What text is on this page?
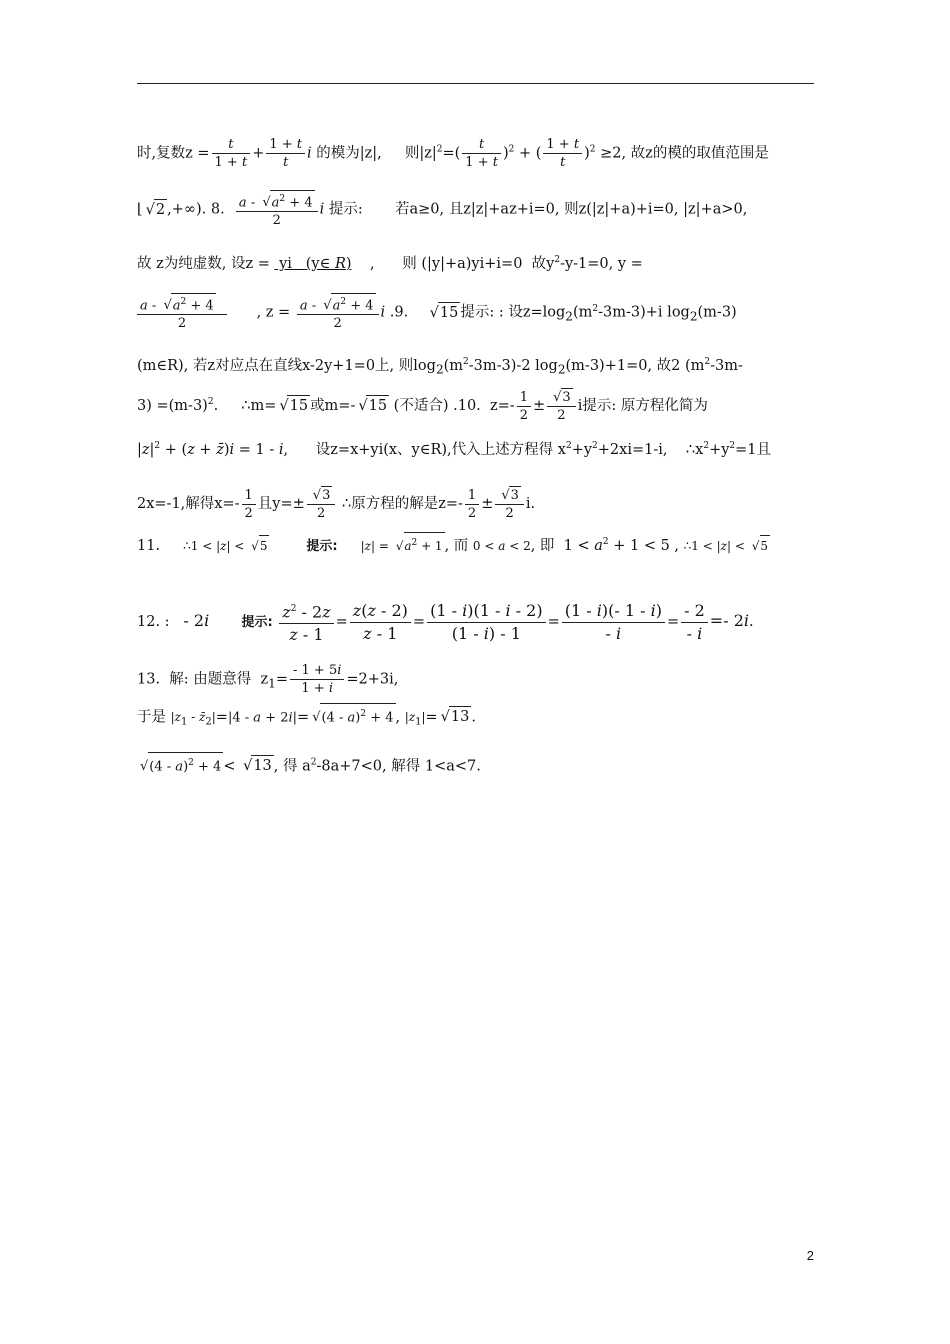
时,复数$z = \frac{t}{1 + t} + \frac{1 + t}{t}$ i 的模为|z|,     则$|z|^2=( \frac{t}{1 + t} )^2$ + ( $\frac{1 + t}{t} )^2 \ge 2$, 故z的模的取值范围是
⌊ √ 2 ,+∞). 8. $\frac{a - √ a^2 + 4}{2}$ i 提示:       若a≥0, 且z|z|+az+i=0, 则z(|z|+a)+i=0, |z|+a>0,
故 z为纯虚数, 设z =  yi   (y∈ R)    ,      则 (|y|+a)yi+i=0  故$y^2-y-1=0$, y =
$\frac{a - √ a^2 + 4}{2}$ , $z = \frac{a - √ a^2 + 4}{2}$ i .9.    √ 15 提示: : 设$z=\log_2(m^2-3m-3)+i$ $\log_2(m-3)$
(m∈R), 若z对应点在直线x-2y+1=0上, 则$\log_2(m^2-3m-3)-2$ $\log_2(m-3)+1=0$, 故2 ($m^2-3m-$
$3) =(m-3)^2$.     ∴m= √ 15 或m=- √ 15 (不适合) .10.  $z=- \frac{1}{2}$ ± √ $\frac{3}{2}$ i提示: 原方程化简为
$|z|^2 + (z$ + z̄)i = 1 - i,      设z=x+yi(x、y∈R),代入上述方程得 $x^2+y^2+2xi=1-i$,    $\therefore x^2+y^2=1$且
2x=-1,解得$x=- \frac{1}{2}$ 且y=± √ $\frac{3}{2}$ ∴原方程的解是$z=- \frac{1}{2}$ ± √ $\frac{3}{2} i$.
11.     ∴1 < |z| < √ 5	提示: |z| = √ $a^2 + 1$ , 而 0 < a < 2, 即  $1 < a^2 + 1 < 5$ , ∴1 < |z| < √ 5
12. :   - 2i 提示: $\frac{z^2 - 2z}{z - 1} = \frac{z(z - 2)}{z - 1} = \frac{(1 - i)(1 - i - 2)}{(1 - i) - 1} = \frac{(1 - i)(- 1 - i)}{- i} = \frac{- 2}{- i} =- 2i$.
13.  解: 由题意得  $z_1= \frac{- 1 + 5i}{1 + i} =2+3i$,
于是 $|z_1$ - $z̄_2|=|4 - a + 2i|=$ √ (4 - a)$^2$ + 4 , $|z_1|=$ √ 13 .
√ (4 - a)$^2$ + 4 < √ 13 , 得 $a^2-8a+7<0$, 解得 1<a<7.
2
